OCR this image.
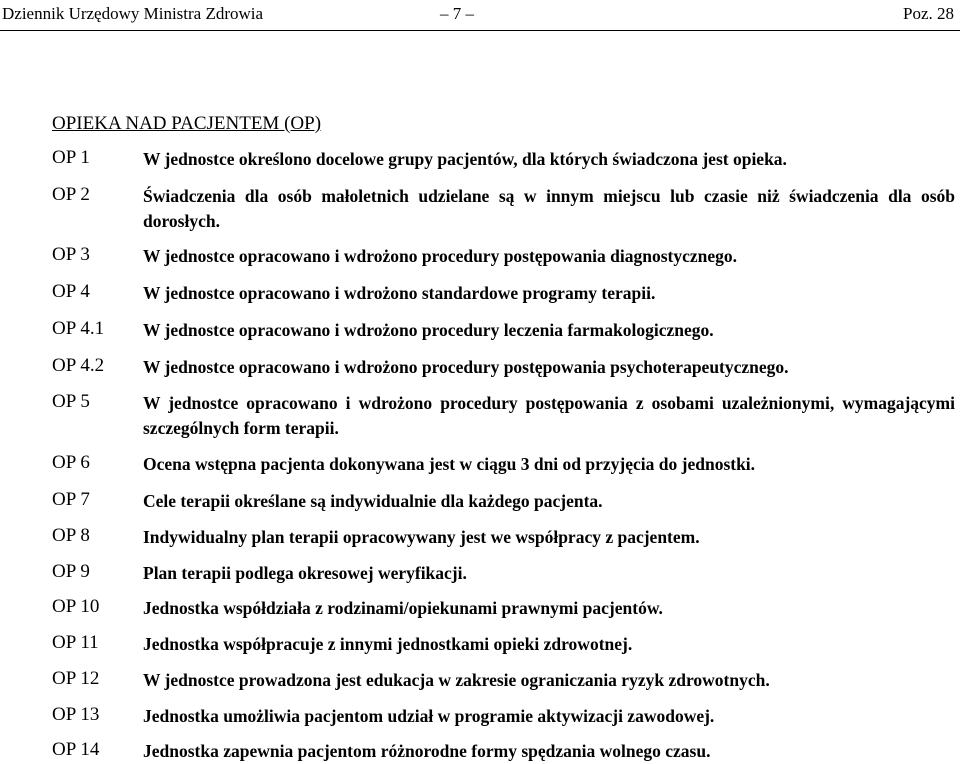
Dziennik Urzędowy Ministra Zdrowia	– 7 –	Poz. 28
OPIEKA NAD PACJENTEM (OP)
OP 1	W jednostce określono docelowe grupy pacjentów, dla których świadczona jest opieka.
OP 2	Świadczenia dla osób małoletnich udzielane są w innym miejscu lub czasie niż świadczenia dla osób dorosłych.
OP 3	W jednostce opracowano i wdrożono procedury postępowania diagnostycznego.
OP 4	W jednostce opracowano i wdrożono standardowe programy terapii.
OP 4.1 W jednostce opracowano i wdrożono procedury leczenia farmakologicznego.
OP 4.2 W jednostce opracowano i wdrożono procedury postępowania psychoterapeutycznego.
OP 5	W jednostce opracowano i wdrożono procedury postępowania z osobami uzależnionymi, wymagającymi szczególnych form terapii.
OP 6	Ocena wstępna pacjenta dokonywana jest w ciągu 3 dni od przyjęcia do jednostki.
OP 7	Cele terapii określane są indywidualnie dla każdego pacjenta.
OP 8	Indywidualny plan terapii opracowywany jest we współpracy z pacjentem.
OP 9	Plan terapii podlega okresowej weryfikacji.
OP 10 Jednostka współdziała z rodzinami/opiekunami prawnymi pacjentów.
OP 11	Jednostka współpracuje z innymi jednostkami opieki zdrowotnej.
OP 12 W jednostce prowadzona jest edukacja w zakresie ograniczania ryzyk zdrowotnych.
OP 13 Jednostka umożliwia pacjentom udział w programie aktywizacji zawodowej.
OP 14 Jednostka zapewnia pacjentom różnorodne formy spędzania wolnego czasu.
